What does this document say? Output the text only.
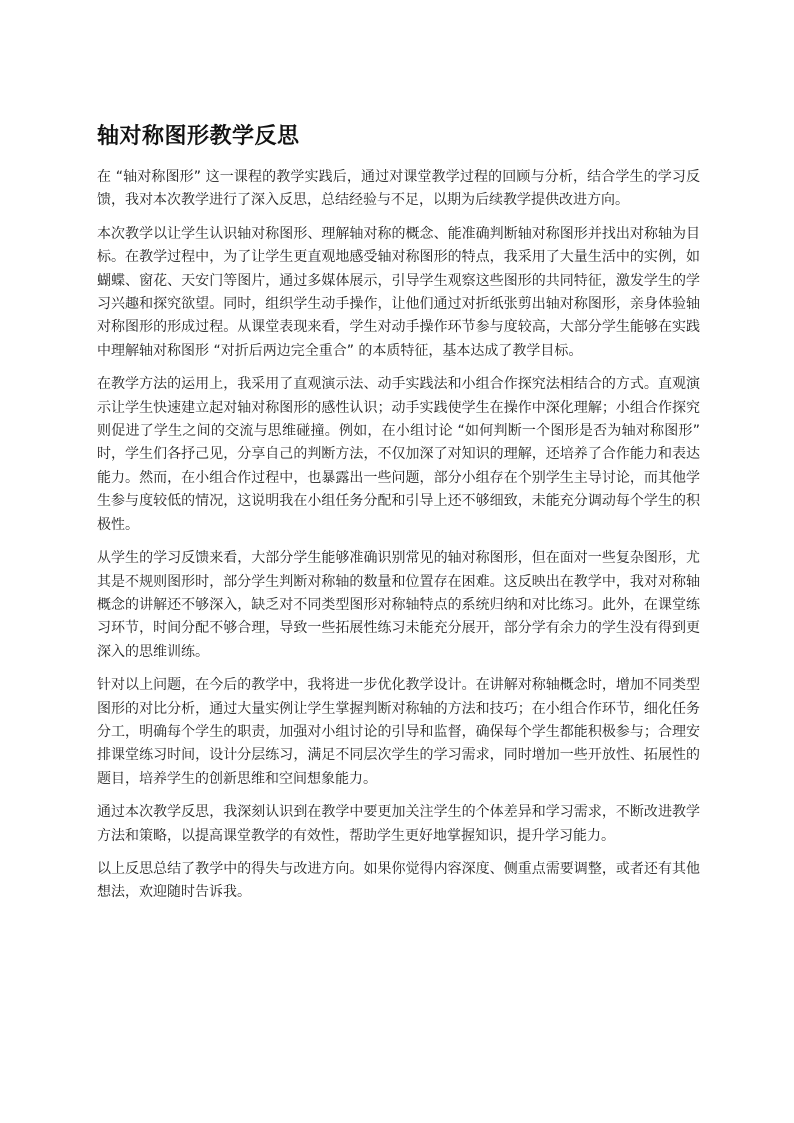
轴对称图形教学反思

在 “轴对称图形” 这一课程的教学实践后，通过对课堂教学过程的回顾与分析，结合学生的学习反馈，我对本次教学进行了深入反思，总结经验与不足，以期为后续教学提供改进方向。

本次教学以让学生认识轴对称图形、理解轴对称的概念、能准确判断轴对称图形并找出对称轴为目标。在教学过程中，为了让学生更直观地感受轴对称图形的特点，我采用了大量生活中的实例，如蝴蝶、窗花、天安门等图片，通过多媒体展示，引导学生观察这些图形的共同特征，激发学生的学习兴趣和探究欲望。同时，组织学生动手操作，让他们通过对折纸张剪出轴对称图形，亲身体验轴对称图形的形成过程。从课堂表现来看，学生对动手操作环节参与度较高，大部分学生能够在实践中理解轴对称图形 “对折后两边完全重合” 的本质特征，基本达成了教学目标。

在教学方法的运用上，我采用了直观演示法、动手实践法和小组合作探究法相结合的方式。直观演示让学生快速建立起对轴对称图形的感性认识；动手实践使学生在操作中深化理解；小组合作探究则促进了学生之间的交流与思维碰撞。例如，在小组讨论 “如何判断一个图形是否为轴对称图形” 时，学生们各抒己见，分享自己的判断方法，不仅加深了对知识的理解，还培养了合作能力和表达能力。然而，在小组合作过程中，也暴露出一些问题，部分小组存在个别学生主导讨论，而其他学生参与度较低的情况，这说明我在小组任务分配和引导上还不够细致，未能充分调动每个学生的积极性。

从学生的学习反馈来看，大部分学生能够准确识别常见的轴对称图形，但在面对一些复杂图形，尤其是不规则图形时，部分学生判断对称轴的数量和位置存在困难。这反映出在教学中，我对对称轴概念的讲解还不够深入，缺乏对不同类型图形对称轴特点的系统归纳和对比练习。此外，在课堂练习环节，时间分配不够合理，导致一些拓展性练习未能充分展开，部分学有余力的学生没有得到更深入的思维训练。

针对以上问题，在今后的教学中，我将进一步优化教学设计。在讲解对称轴概念时，增加不同类型图形的对比分析，通过大量实例让学生掌握判断对称轴的方法和技巧；在小组合作环节，细化任务分工，明确每个学生的职责，加强对小组讨论的引导和监督，确保每个学生都能积极参与；合理安排课堂练习时间，设计分层练习，满足不同层次学生的学习需求，同时增加一些开放性、拓展性的题目，培养学生的创新思维和空间想象能力。

通过本次教学反思，我深刻认识到在教学中要更加关注学生的个体差异和学习需求，不断改进教学方法和策略，以提高课堂教学的有效性，帮助学生更好地掌握知识，提升学习能力。

以上反思总结了教学中的得失与改进方向。如果你觉得内容深度、侧重点需要调整，或者还有其他想法，欢迎随时告诉我。
